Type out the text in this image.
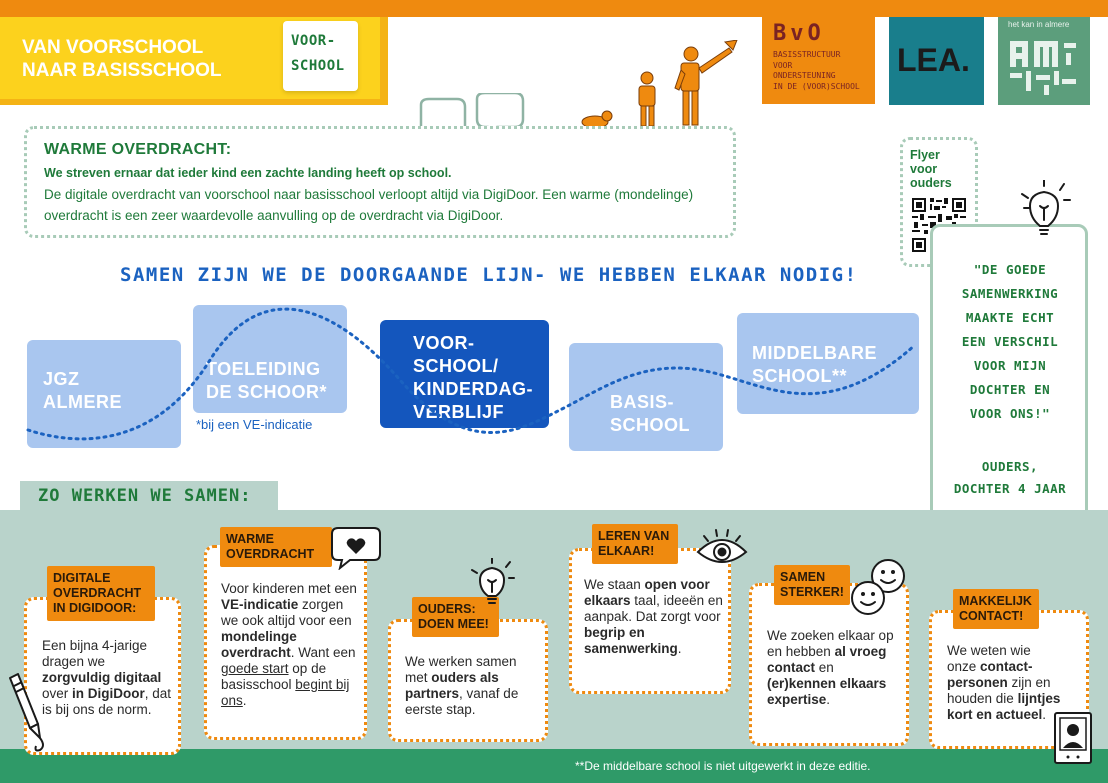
VAN VOORSCHOOL
NAAR BASISSCHOOL
VOOR-
SCHOOL
BvO
BASISSTRUCTUUR
VOOR
ONDERSTEUNING
IN DE (VOOR)SCHOOL
LEA.
het kan in almere
WARME OVERDRACHT:
We streven ernaar dat ieder kind een zachte landing heeft op school.
De digitale overdracht van voorschool naar basisschool verloopt altijd via DigiDoor. Een warme (mondelinge) overdracht is een zeer waardevolle aanvulling op de overdracht via DigiDoor.
Flyer
voor
ouders
"DE GOEDE
SAMENWERKING
MAAKTE ECHT
EEN VERSCHIL
VOOR MIJN
DOCHTER EN
VOOR ONS!"
OUDERS,
DOCHTER 4 JAAR
SAMEN ZIJN WE DE DOORGAANDE LIJN- WE HEBBEN ELKAAR NODIG!
JGZ
ALMERE
TOELEIDING
DE SCHOOR*
VOOR-
SCHOOL/
KINDERDAG-
VERBLIJF	BASIS-
SCHOOL
MIDDELBARE
SCHOOL**
*bij een VE-indicatie
ZO WERKEN WE SAMEN:
**De middelbare school is niet uitgewerkt in deze editie.
DIGITALE
OVERDRACHT
IN DIGIDOOR:
Een bijna 4-jarige dragen we zorgvuldig digitaal over in DigiDoor, dat is bij ons de norm.
WARME
OVERDRACHT
Voor kinderen met een VE-indicatie zorgen we ook altijd voor een mondelinge overdracht. Want een goede start op de basisschool begint bij ons.
OUDERS:
DOEN MEE!
We werken samen met ouders als partners, vanaf de eerste stap.
LEREN VAN
ELKAAR!
We staan open voor elkaars taal, ideeën en aanpak. Dat zorgt voor begrip en samenwerking.
SAMEN
STERKER!
We zoeken elkaar op en hebben al vroeg contact en (er)kennen elkaars expertise.
MAKKELIJK
CONTACT!
We weten wie onze contact-personen zijn en houden die lijntjes kort en actueel.
